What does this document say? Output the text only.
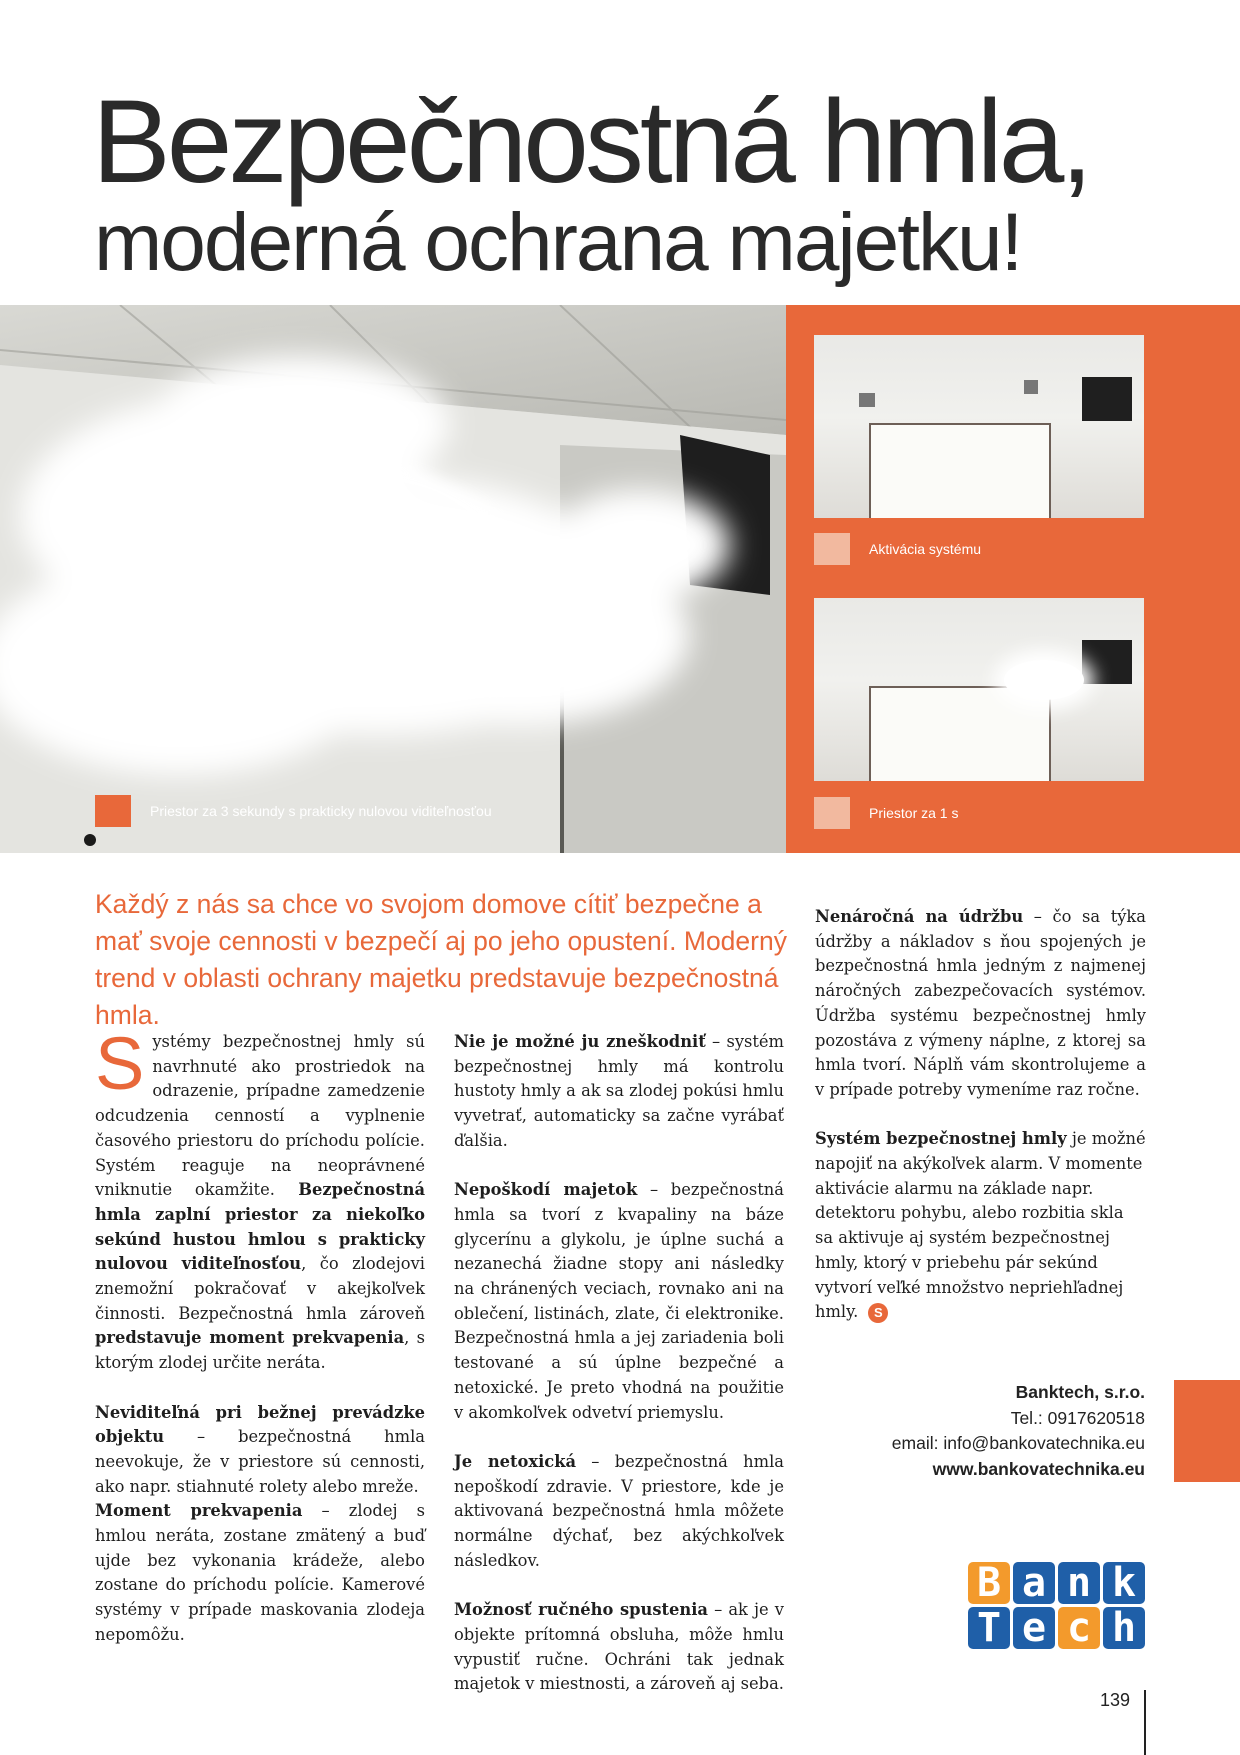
Bezpečnostná hmla,
moderná ochrana majetku!
Priestor za 3 sekundy s prakticky nulovou viditeľnosťou
Aktivácia systému
Priestor za 1 s
Každý z nás sa chce vo svojom domove cítiť bezpečne a mať svoje cennosti v bezpečí aj po jeho opustení. Moderný trend v oblasti ochrany majetku predstavuje bezpečnostná hmla.

Systémy bezpečnostnej hmly sú navrhnuté ako prostriedok na odrazenie, prípadne zamedzenie odcudzenia cenností a vyplnenie časového priestoru do príchodu polície. Systém reaguje na neoprávnené vniknutie okamžite. Bezpečnostná hmla zaplní priestor za niekoľko sekúnd hustou hmlou s prakticky nulovou viditeľnosťou, čo zlodejovi znemožní pokračovať v akejkoľvek činnosti. Bezpečnostná hmla zároveň predstavuje moment prekvapenia, s ktorým zlodej určite neráta.

Neviditeľná pri bežnej prevádzke objektu – bezpečnostná hmla neevokuje, že v priestore sú cennosti, ako napr. stiahnuté rolety alebo mreže.

Moment prekvapenia – zlodej s hmlou neráta, zostane zmätený a buď ujde bez vykonania krádeže, alebo zostane do príchodu polície. Kamerové systémy v prípade maskovania zlodeja nepomôžu.

Nie je možné ju zneškodniť – systém bezpečnostnej hmly má kontrolu hustoty hmly a ak sa zlodej pokúsi hmlu vyvetrať, automaticky sa začne vyrábať ďalšia.

Nepoškodí majetok – bezpečnostná hmla sa tvorí z kvapaliny na báze glycerínu a glykolu, je úplne suchá a nezanechá žiadne stopy ani následky na chránených veciach, rovnako ani na oblečení, listinách, zlate, či elektronike. Bezpečnostná hmla a jej zariadenia boli testované a sú úplne bezpečné a netoxické. Je preto vhodná na použitie v akomkoľvek odvetví priemyslu.

Je netoxická – bezpečnostná hmla nepoškodí zdravie. V priestore, kde je aktivovaná bezpečnostná hmla môžete normálne dýchať, bez akýchkoľvek následkov.

Možnosť ručného spustenia – ak je v objekte prítomná obsluha, môže hmlu vypustiť ručne. Ochráni tak jednak majetok v miestnosti, a zároveň aj seba.

Nenáročná na údržbu – čo sa týka údržby a nákladov s ňou spojených je bezpečnostná hmla jedným z najmenej náročných zabezpečovacích systémov. Údržba systému bezpečnostnej hmly pozostáva z výmeny náplne, z ktorej sa hmla tvorí. Náplň vám skontrolujeme a v prípade potreby vymeníme raz ročne.

Systém bezpečnostnej hmly je možné napojiť na akýkoľvek alarm. V momente aktivácie alarmu na základe napr. detektoru pohybu, alebo rozbitia skla sa aktivuje aj systém bezpečnostnej hmly, ktorý v priebehu pár sekúnd vytvorí veľké množstvo nepriehľadnej hmly. S

Banktech, s.r.o.
Tel.: 0917620518
email: info@bankovatechnika.eu
www.bankovatechnika.eu
B a n k
T e c h
139
